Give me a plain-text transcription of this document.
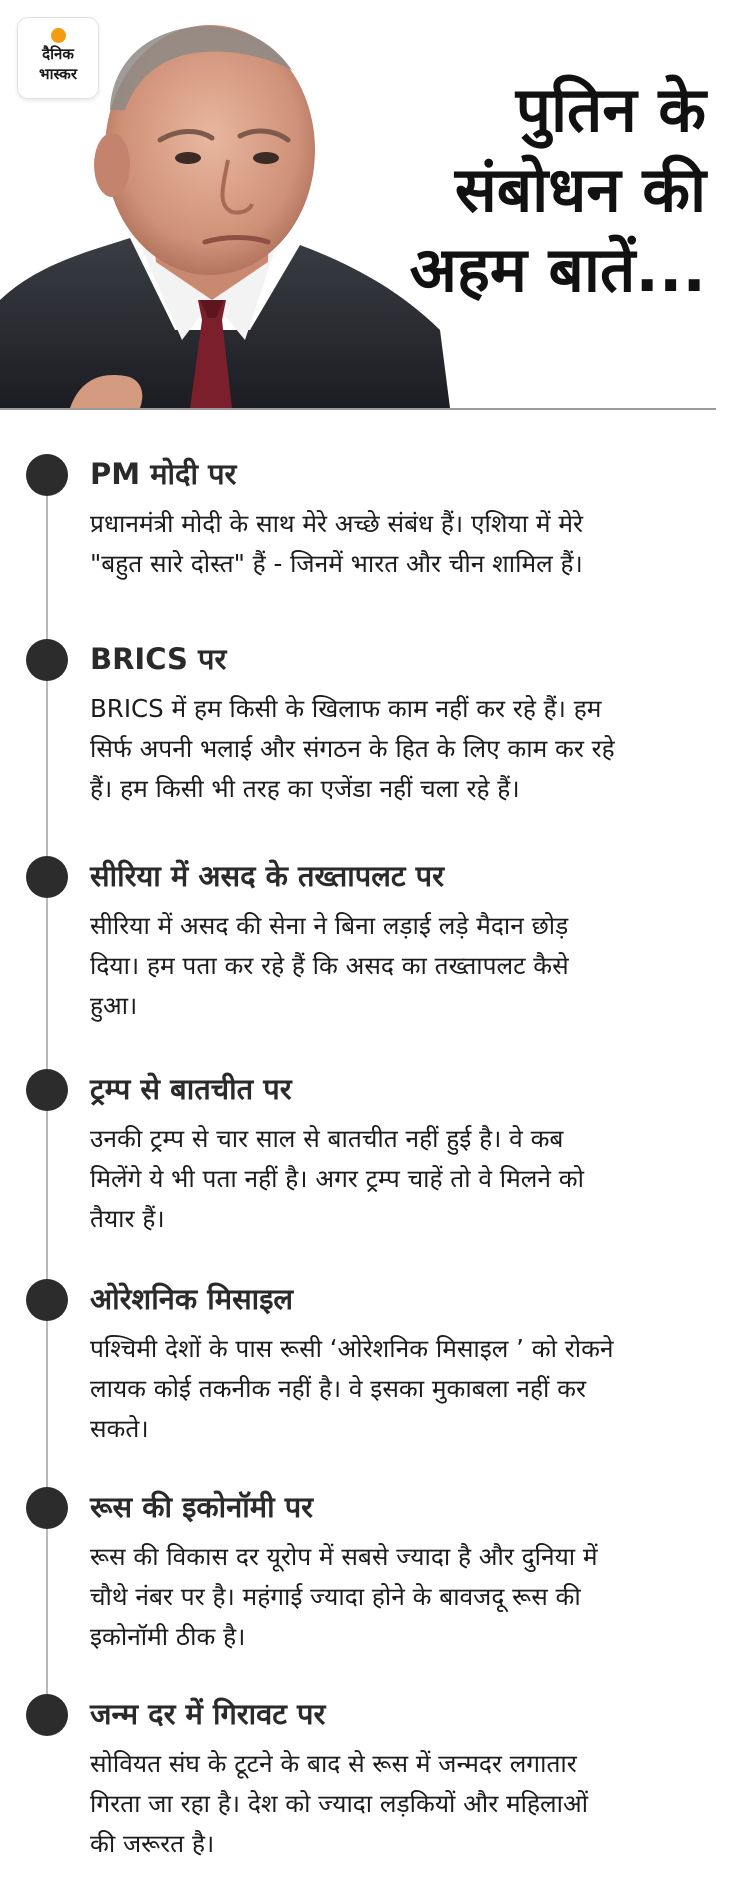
दैनिक
भास्कर	पुतिन के
संबोधन की
अहम बातें...
PM मोदी पर
प्रधानमंत्री मोदी के साथ मेरे अच्छे संबंध हैं। एशिया में मेरे
"बहुत सारे दोस्त" हैं - जिनमें भारत और चीन शामिल हैं।
BRICS पर
BRICS में हम किसी के खिलाफ काम नहीं कर रहे हैं। हम
सिर्फ अपनी भलाई और संगठन के हित के लिए काम कर रहे
हैं। हम किसी भी तरह का एजेंडा नहीं चला रहे हैं।
सीरिया में असद के तख्तापलट पर
सीरिया में असद की सेना ने बिना लड़ाई लड़े मैदान छोड़
दिया। हम पता कर रहे हैं कि असद का तख्तापलट कैसे
हुआ।
ट्रम्प से बातचीत पर
उनकी ट्रम्प से चार साल से बातचीत नहीं हुई है। वे कब
मिलेंगे ये भी पता नहीं है। अगर ट्रम्प चाहें तो वे मिलने को
तैयार हैं।
ओरेशनिक मिसाइल
पश्चिमी देशों के पास रूसी ‘ओरेशनिक मिसाइल ’ को रोकने
लायक कोई तकनीक नहीं है। वे इसका मुकाबला नहीं कर
सकते।
रूस की इकोनॉमी पर
रूस की विकास दर यूरोप में सबसे ज्यादा है और दुनिया में
चौथे नंबर पर है। महंगाई ज्यादा होने के बावजदू रूस की
इकोनॉमी ठीक है।
जन्म दर में गिरावट पर
सोवियत संघ के टूटने के बाद से रूस में जन्मदर लगातार
गिरता जा रहा है। देश को ज्यादा लड़कियों और महिलाओं
की जरूरत है।
